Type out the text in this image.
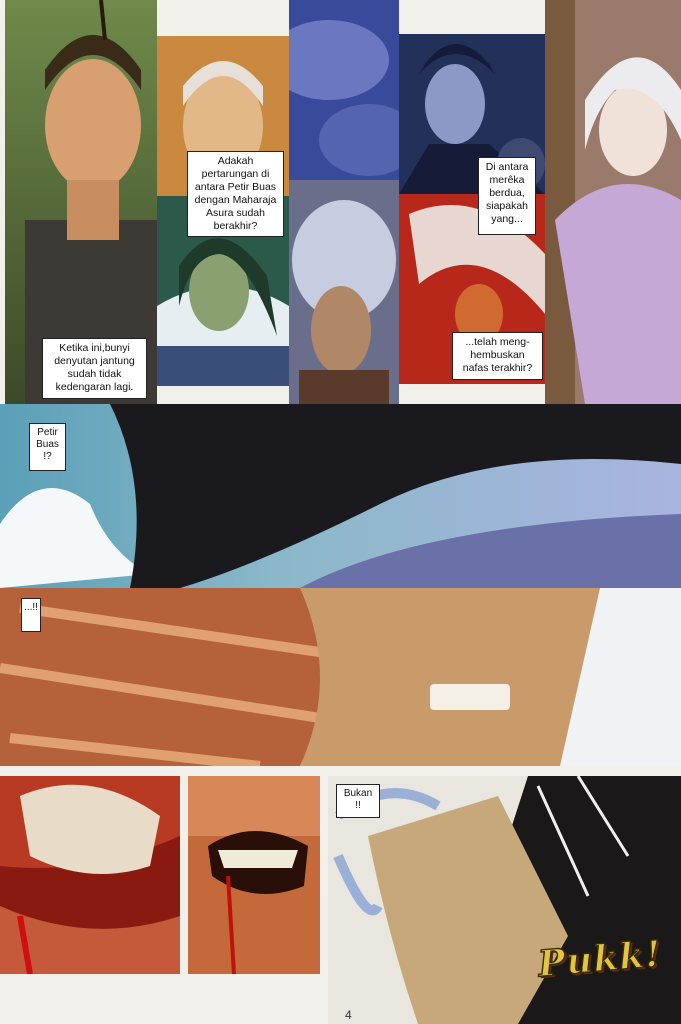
Adakah pertarungan di antara Petir Buas dengan Maharaja Asura sudah berakhir?
Di antara merêka berdua, siapakah yang...
Ketika ini,bunyi denyutan jantung sudah tidak kedengaran lagi.
...telah meng-hembuskan nafas terakhir?
Petir Buas !?
...!!
Bukan !!
Pukk!
4
